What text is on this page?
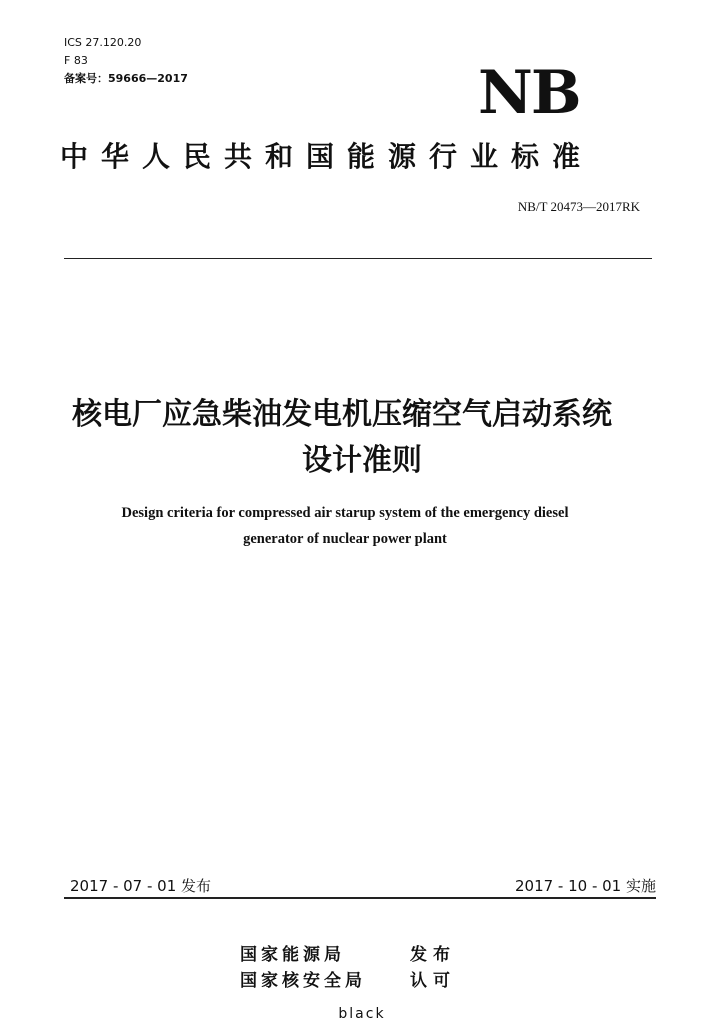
ICS 27.120.20
F 83
备案号：59666—2017	NB
中华人民共和国能源行业标准
NB/T 20473—2017RK
核电厂应急柴油发电机压缩空气启动系统
设计准则
Design criteria for compressed air starup system of the emergency diesel
generator of nuclear power plant
2017 - 07 - 01 发布	2017 - 10 - 01 实施
国家能源局	发布
国家核安全局	认可
black
